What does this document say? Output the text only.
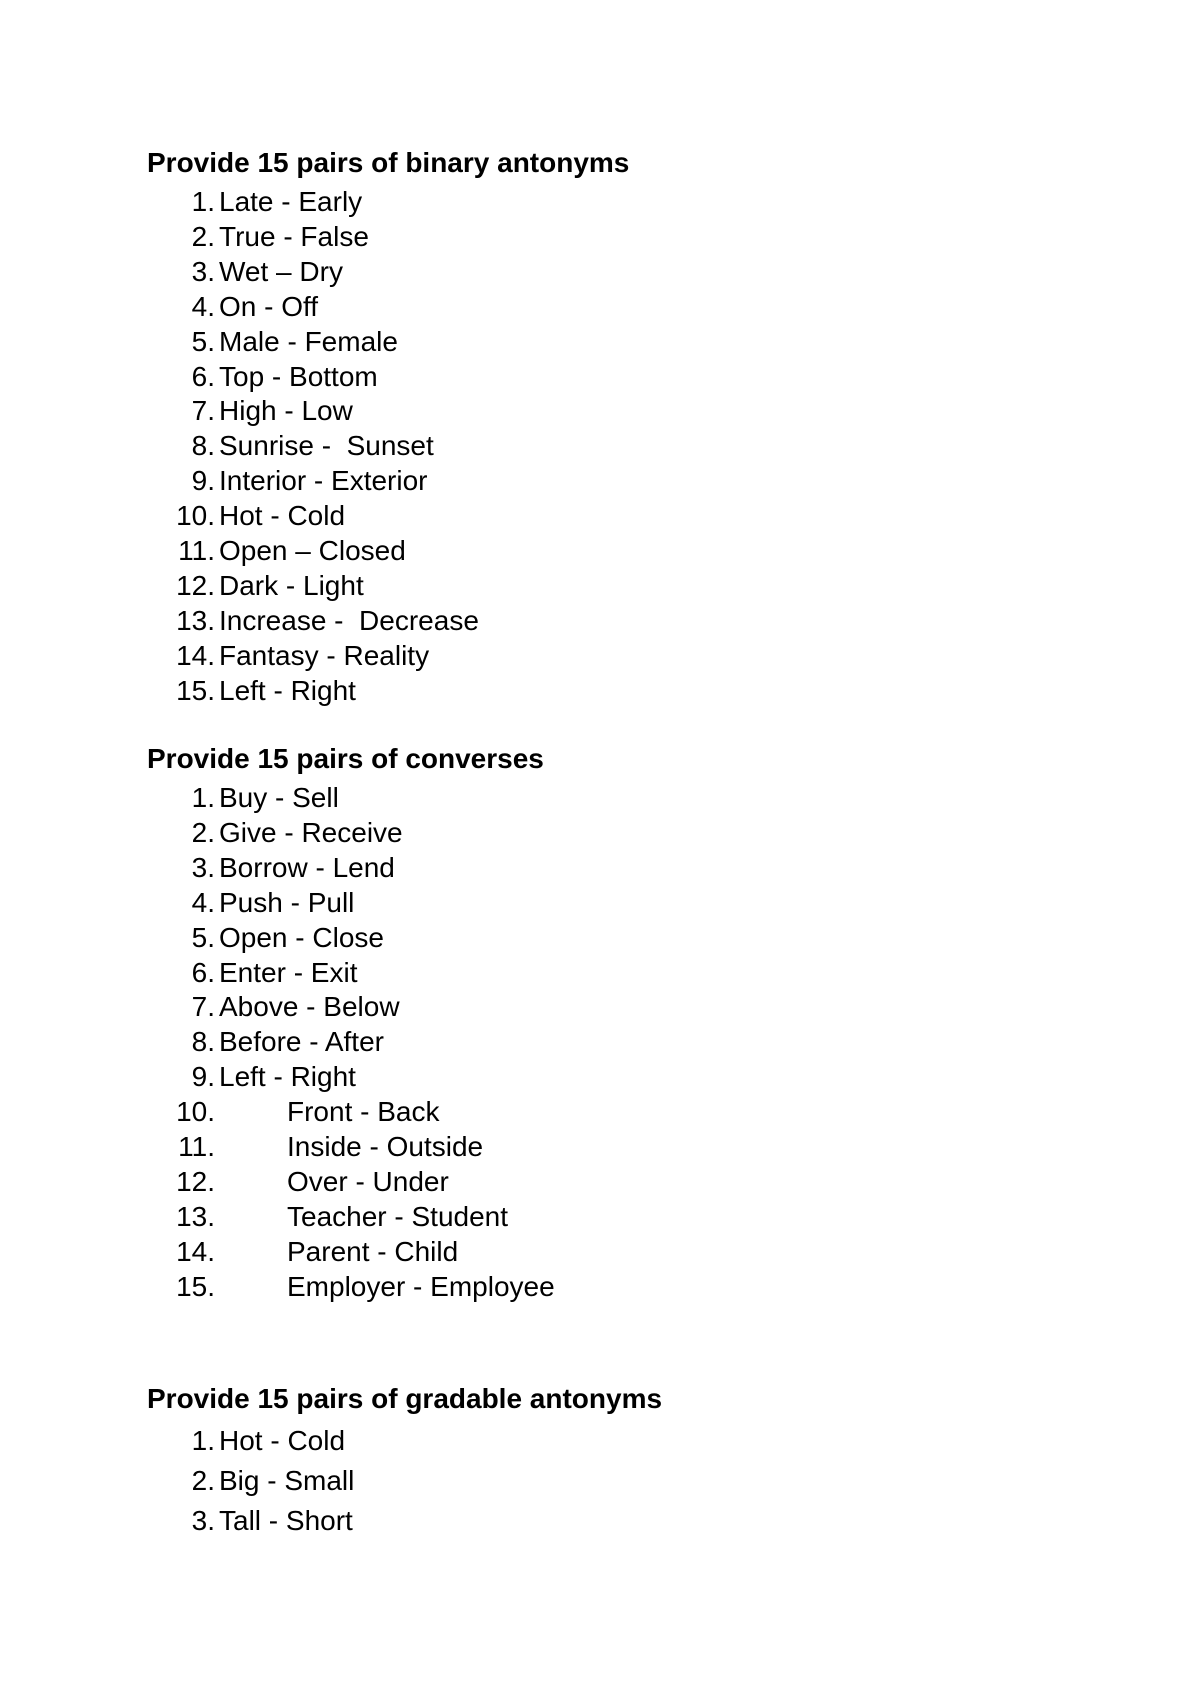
Provide 15 pairs of binary antonyms
1. Late - Early
2. True - False
3. Wet – Dry
4. On - Off
5. Male - Female
6. Top - Bottom
7. High - Low
8. Sunrise -  Sunset
9. Interior - Exterior
10. Hot - Cold
11. Open – Closed
12. Dark - Light
13. Increase -  Decrease
14. Fantasy - Reality
15. Left - Right
Provide 15 pairs of converses
1. Buy - Sell
2. Give - Receive
3. Borrow - Lend
4. Push - Pull
5. Open - Close
6. Enter - Exit
7. Above - Below
8. Before - After
9. Left - Right
10.	Front - Back
11.	Inside - Outside
12.	Over - Under
13.	Teacher - Student
14.	Parent - Child
15.	Employer - Employee
Provide 15 pairs of gradable antonyms
1. Hot - Cold
2. Big - Small
3. Tall - Short
